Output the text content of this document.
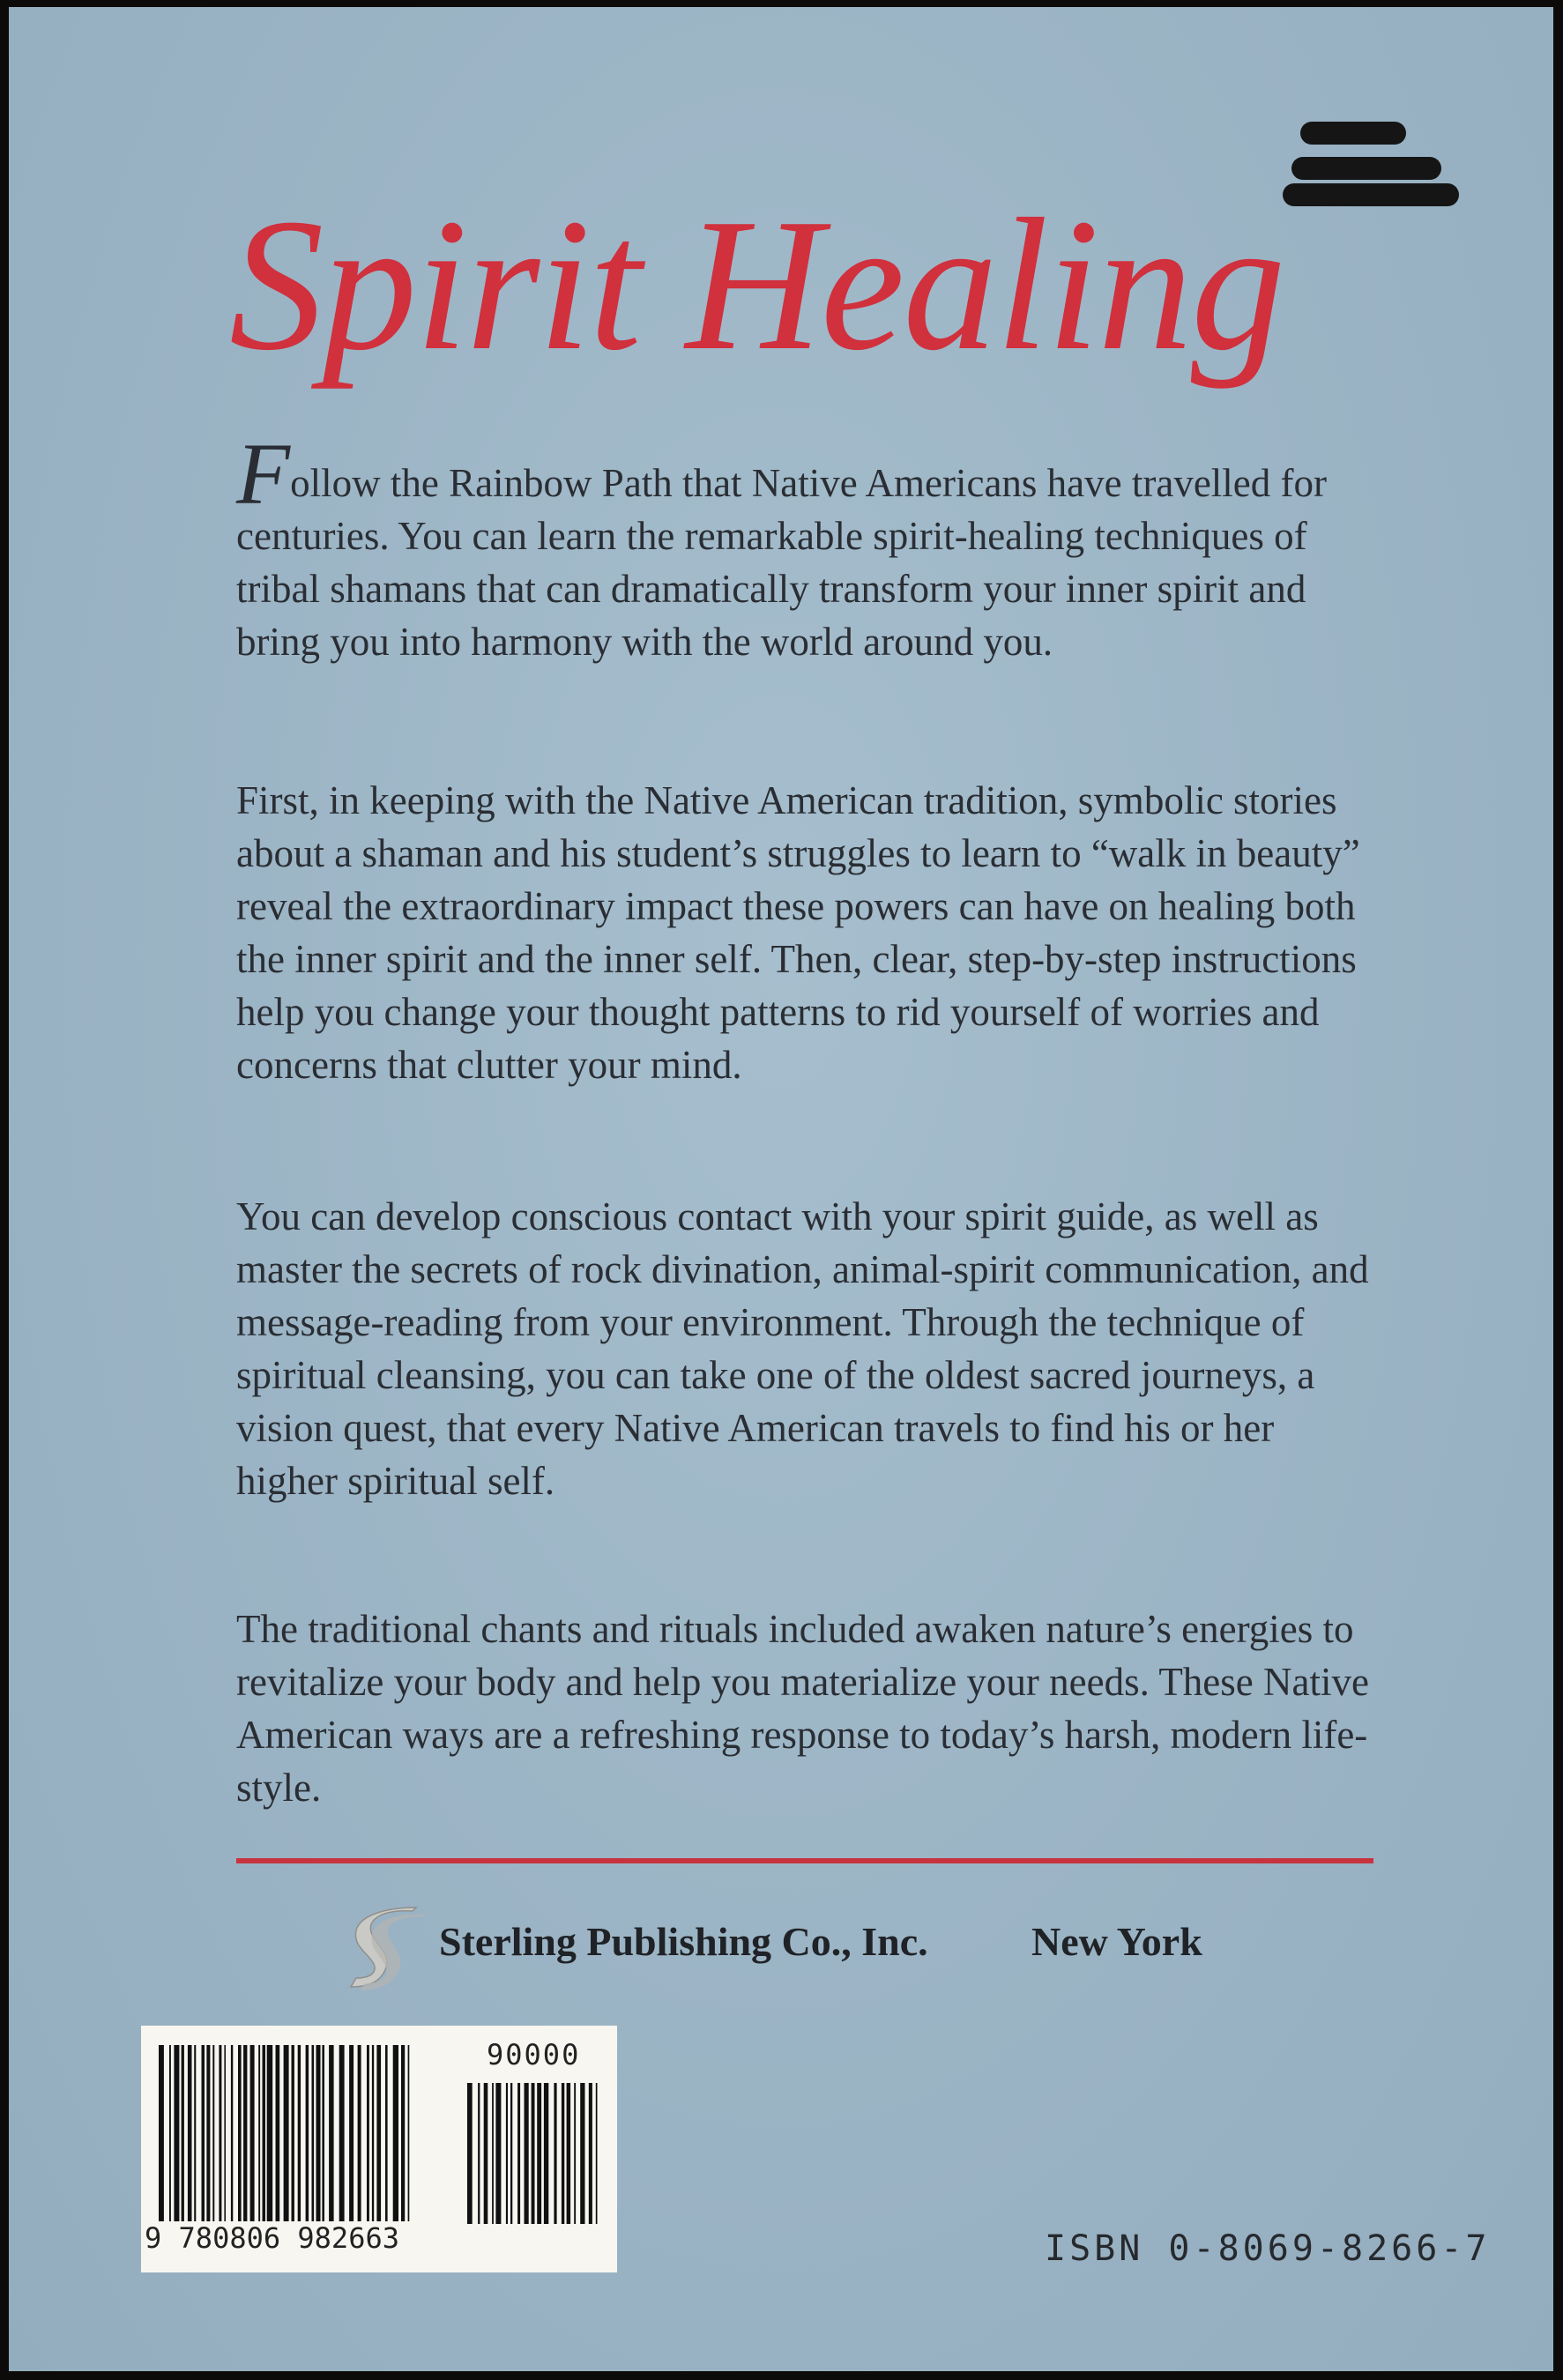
Spirit Healing
Follow the Rainbow Path that Native Americans have travelled for centuries. You can learn the remarkable spirit-healing techniques of tribal shamans that can dramatically transform your inner spirit and bring you into harmony with the world around you.
First, in keeping with the Native American tradition, symbolic stories about a shaman and his student’s struggles to learn to “walk in beauty” reveal the extraordinary impact these powers can have on healing both the inner spirit and the inner self. Then, clear, step-by-step instructions help you change your thought patterns to rid yourself of worries and concerns that clutter your mind.
You can develop conscious contact with your spirit guide, as well as master the secrets of rock divination, animal-spirit communication, and message-reading from your environment. Through the technique of spiritual cleansing, you can take one of the oldest sacred journeys, a vision quest, that every Native American travels to find his or her higher spiritual self.
The traditional chants and rituals included awaken nature’s energies to revitalize your body and help you materialize your needs. These Native American ways are a refreshing response to today’s harsh, modern life-style.
Sterling Publishing Co., Inc.	New York
90000
9 780806 982663	ISBN 0-8069-8266-7
